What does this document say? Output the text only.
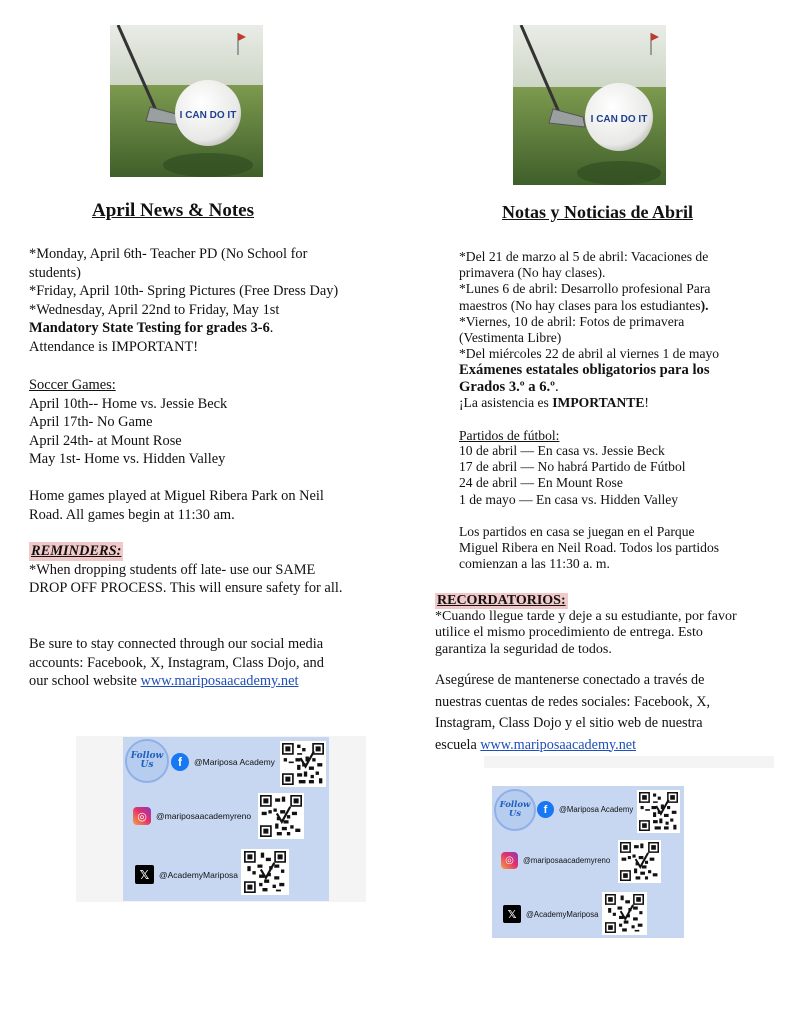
I CAN DO IT	I CAN DO IT
April News & Notes	Notas y Noticias de Abril
*Monday, April 6th- Teacher PD (No School for
students)
*Friday, April 10th- Spring Pictures (Free Dress Day)
*Wednesday, April 22nd to Friday, May 1st
Mandatory State Testing for grades 3-6.
Attendance is IMPORTANT!
Soccer Games:
April 10th-- Home vs. Jessie Beck
April 17th- No Game
April 24th- at Mount Rose
May 1st- Home vs. Hidden Valley
Home games played at Miguel Ribera Park on Neil
Road. All games begin at 11:30 am.
REMINDERS:
*When dropping students off late- use our SAME
DROP OFF PROCESS. This will ensure safety for all.
Be sure to stay connected through our social media
accounts: Facebook, X, Instagram, Class Dojo, and
our school website www.mariposaacademy.net
*Del 21 de marzo al 5 de abril: Vacaciones de
primavera (No hay clases).
*Lunes 6 de abril: Desarrollo profesional Para
maestros (No hay clases para los estudiantes).
*Viernes, 10 de abril: Fotos de primavera
(Vestimenta Libre)
*Del miércoles 22 de abril al viernes 1 de mayo
Exámenes estatales obligatorios para los
Grados 3.º a 6.º.
¡La asistencia es IMPORTANTE!
Partidos de fútbol:
10 de abril — En casa vs. Jessie Beck
17 de abril — No habrá Partido de Fútbol
24 de abril — En Mount Rose
1 de mayo — En casa vs. Hidden Valley
Los partidos en casa se juegan en el Parque
Miguel Ribera en Neil Road. Todos los partidos
comienzan a las 11:30 a. m.
RECORDATORIOS:
*Cuando llegue tarde y deje a su estudiante, por favor
utilice el mismo procedimiento de entrega. Esto
garantiza la seguridad de todos.
Asegúrese de mantenerse conectado a través de
nuestras cuentas de redes sociales: Facebook, X,
Instagram, Class Dojo y el sitio web de nuestra
escuela www.mariposaacademy.net
Follow Us	f	@Mariposa Academy
◎	@mariposaacademyreno
𝕏	@AcademyMariposa
Follow Us	f	@Mariposa Academy
◎	@mariposaacademyreno
𝕏	@AcademyMariposa
